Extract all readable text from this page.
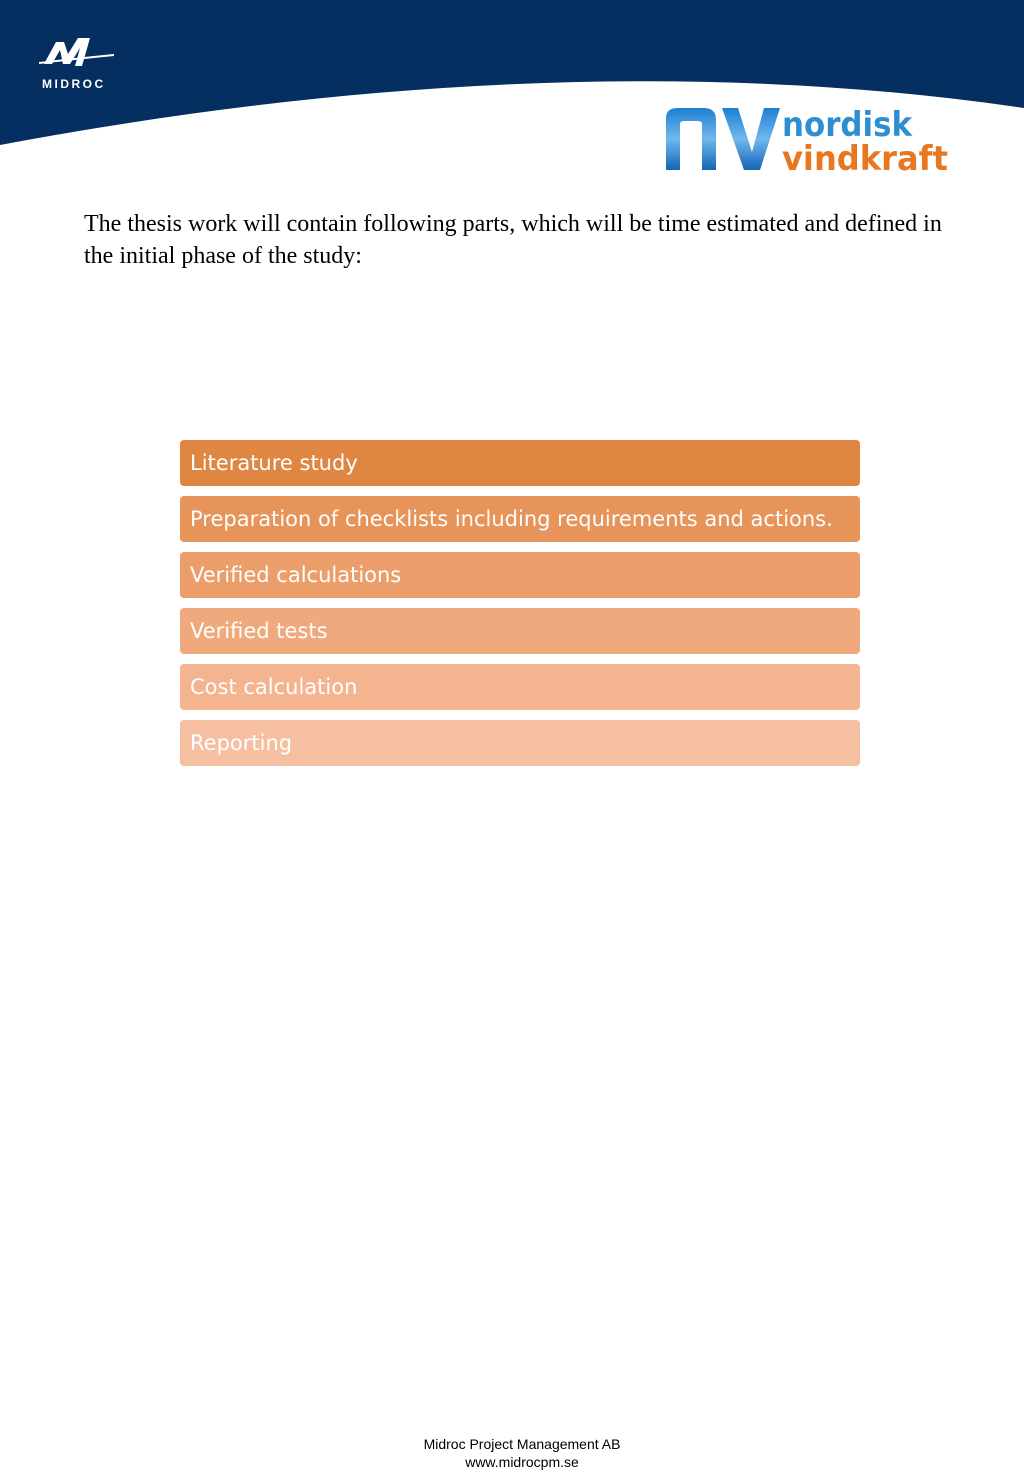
MIDROC
nordisk
vindkraft

The thesis work will contain following parts, which will be time estimated and defined in the initial phase of the study:

Literature study
Preparation of checklists including requirements and actions.
Verified calculations
Verified tests
Cost calculation
Reporting
Midroc Project Management AB
www.midrocpm.se
